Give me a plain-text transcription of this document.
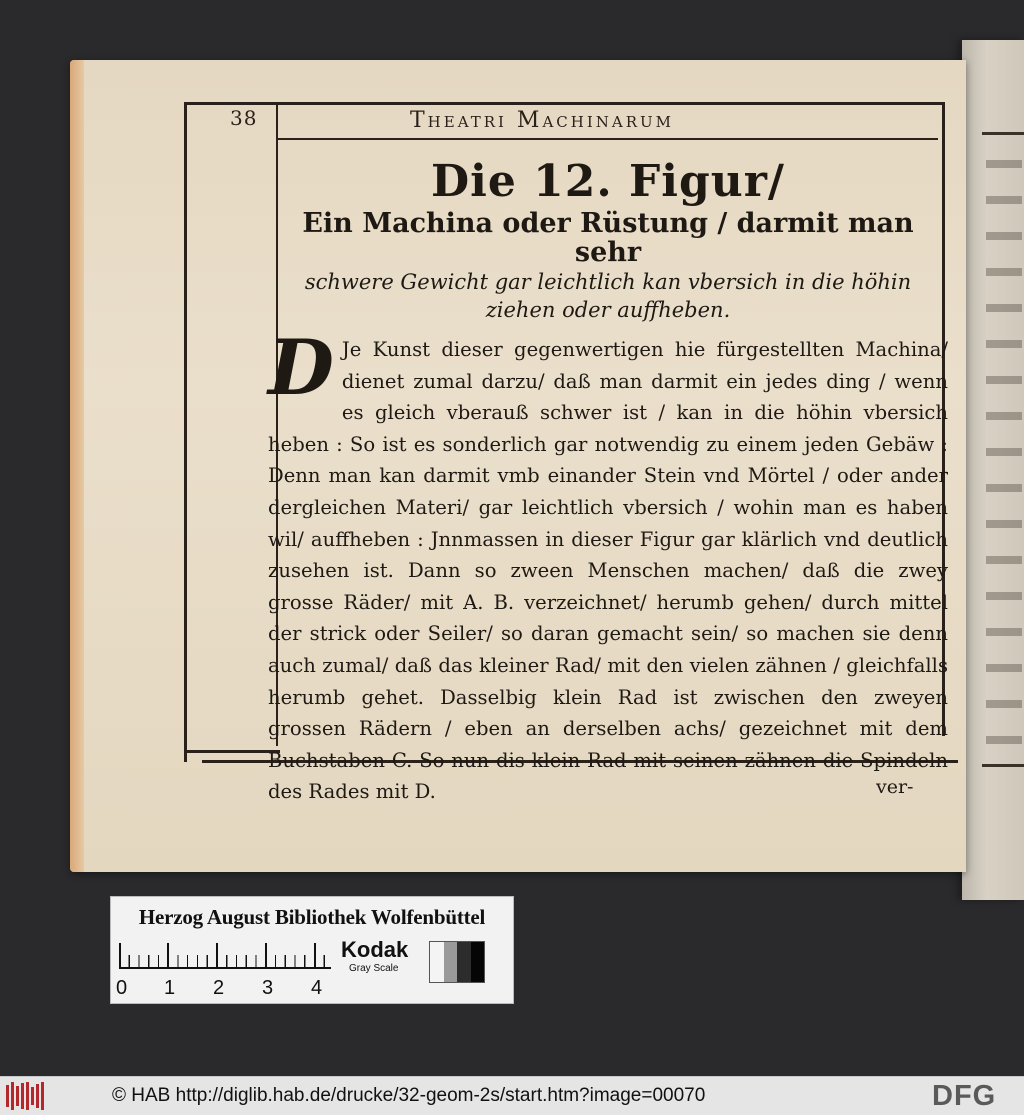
38	Theatri Machinarum
Die 12. Figur/

Ein Machina oder Rüstung / darmit man sehr
schwere Gewicht gar leichtlich kan vbersich in die höhin ziehen oder auffheben.

D Je Kunst dieser gegenwertigen hie fürgestellten Machina/ dienet zumal darzu/ daß man darmit ein jedes ding / wenn es gleich vberauß schwer ist / kan in die höhin vbersich heben : So ist es sonderlich gar notwendig zu einem jeden Gebäw : Denn man kan darmit vmb einander Stein vnd Mörtel / oder ander dergleichen Materi/ gar leichtlich vbersich / wohin man es haben wil/ auffheben : Jnnmassen in dieser Figur gar klärlich vnd deutlich zusehen ist. Dann so zween Menschen machen/ daß die zwey grosse Räder/ mit A. B. verzeichnet/ herumb gehen/ durch mittel der strick oder Seiler/ so daran gemacht sein/ so machen sie denn auch zumal/ daß das kleiner Rad/ mit den vielen zähnen / gleichfalls herumb gehet. Dasselbig klein Rad ist zwischen den zweyen grossen Rädern / eben an derselben achs/ gezeichnet mit dem Buchstaben C. So nun dis klein Rad mit seinen zähnen die Spindeln des Rades mit D.	ver-
Herzog August Bibliothek Wolfenbüttel
0 1 2 3 4
Kodak
Gray Scale
© HAB http://diglib.hab.de/drucke/32-geom-2s/start.htm?image=00070	DFG
